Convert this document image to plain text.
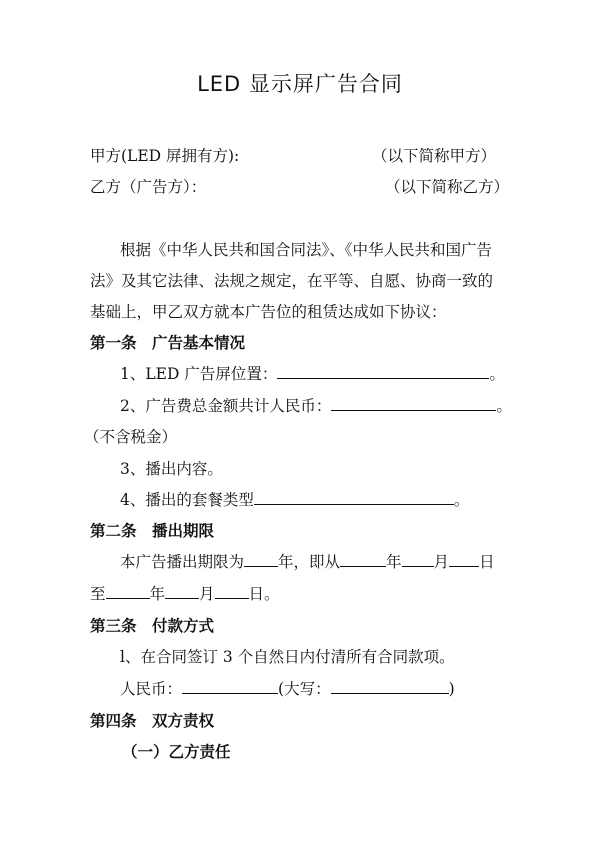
LED 显示屏广告合同
甲方(LED 屏拥有方):	（以下简称甲方）
乙方（广告方）：	（以下简称乙方）
根据《中华人民共和国合同法》、《中华人民共和国广告
法》及其它法律、法规之规定，在平等、自愿、协商一致的
基础上，甲乙双方就本广告位的租赁达成如下协议：
第一条　广告基本情况
1、LED 广告屏位置：	。
2、广告费总金额共计人民币：	。
（不含税金）
3、播出内容。
4、播出的套餐类型	。
第二条　播出期限
本广告播出期限为 年，即从	年 月 日
至	年 月 日。
第三条　付款方式
l、在合同签订 3 个自然日内付清所有合同款项。
人民币：	(大写：	)
第四条　双方责权
（一）乙方责任
